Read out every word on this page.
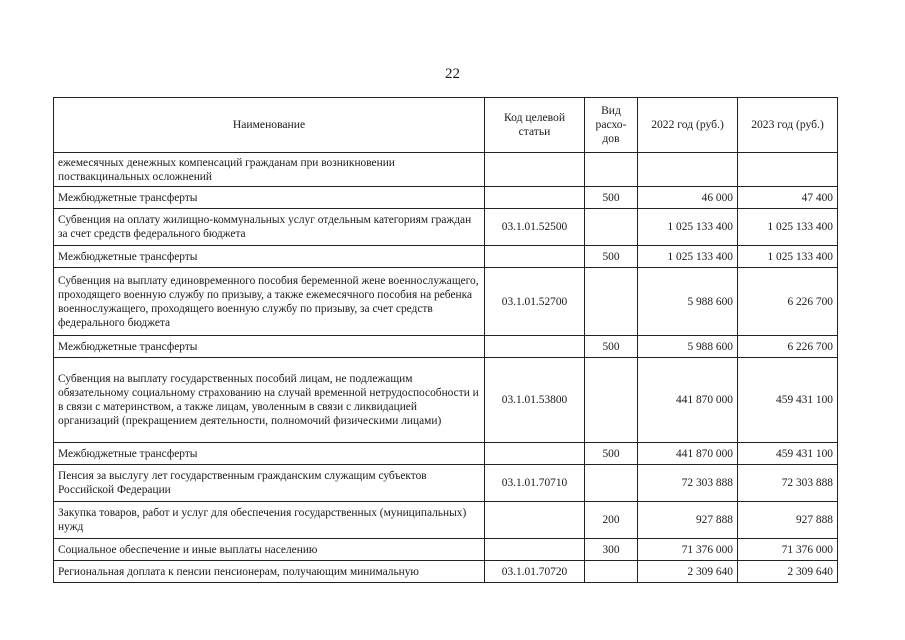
22
Наименование	Код целевой статьи	Вид расхо-дов	2022 год (руб.)	2023 год (руб.)
ежемесячных денежных компенсаций гражданам при возникновении поствакцинальных осложнений				
Межбюджетные трансферты		500	46 000	47 400
Субвенция на оплату жилищно-коммунальных услуг отдельным категориям граждан за счет средств федерального бюджета	03.1.01.52500		1 025 133 400	1 025 133 400
Межбюджетные трансферты		500	1 025 133 400	1 025 133 400
Субвенция на выплату единовременного пособия беременной жене военнослужащего, проходящего военную службу по призыву, а также ежемесячного пособия на ребенка военнослужащего, проходящего военную службу по призыву, за счет средств федерального бюджета	03.1.01.52700		5 988 600	6 226 700
Межбюджетные трансферты		500	5 988 600	6 226 700
Субвенция на выплату государственных пособий лицам, не подлежащим обязательному социальному страхованию на случай временной нетрудоспособности и в связи с материнством, а также лицам, уволенным в связи с ликвидацией организаций (прекращением деятельности, полномочий физическими лицами)	03.1.01.53800		441 870 000	459 431 100
Межбюджетные трансферты		500	441 870 000	459 431 100
Пенсия за выслугу лет государственным гражданским служащим субъектов Российской Федерации	03.1.01.70710		72 303 888	72 303 888
Закупка товаров, работ и услуг для обеспечения государственных (муниципальных) нужд		200	927 888	927 888
Социальное обеспечение и иные выплаты населению		300	71 376 000	71 376 000
Региональная доплата к пенсии пенсионерам, получающим минимальную	03.1.01.70720		2 309 640	2 309 640
